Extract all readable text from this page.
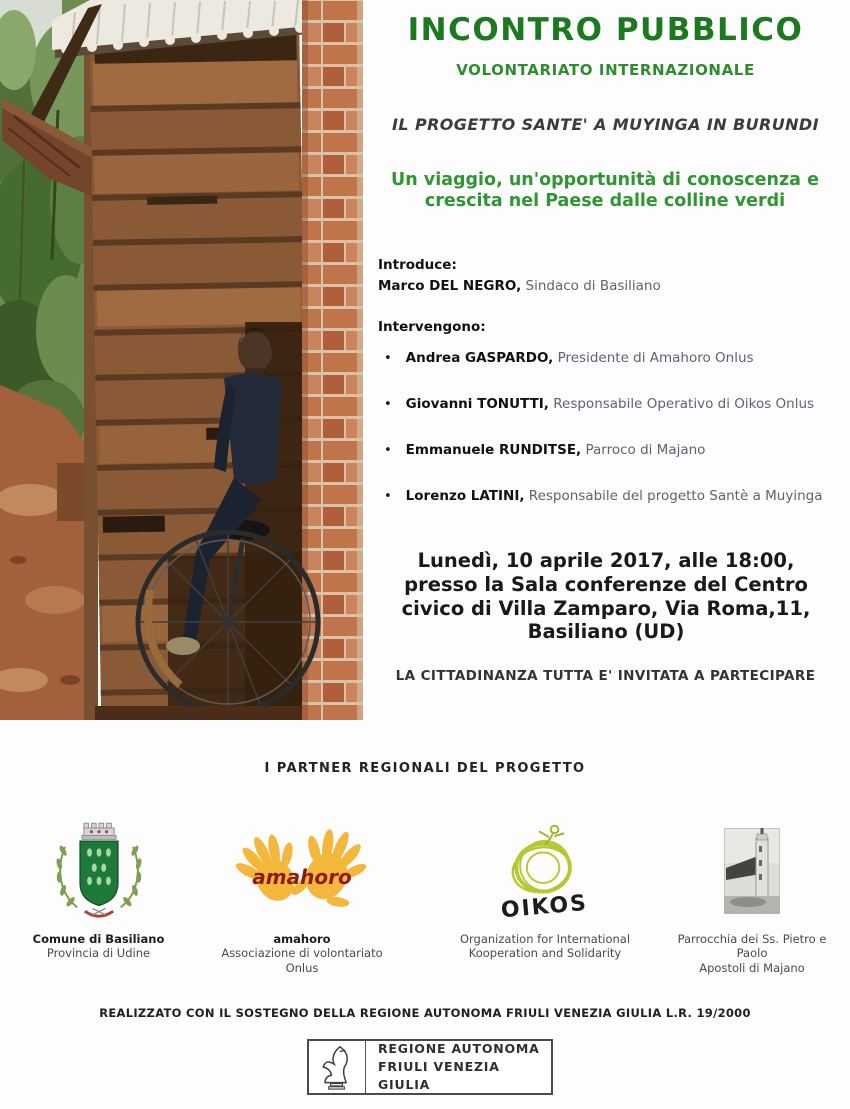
INCONTRO PUBBLICO
VOLONTARIATO INTERNAZIONALE
IL PROGETTO SANTE' A MUYINGA IN BURUNDI
Un viaggio, un'opportunità di conoscenza e crescita nel Paese dalle colline verdi
Introduce:
Marco DEL NEGRO, Sindaco di Basiliano
Intervengono:
• Andrea GASPARDO, Presidente di Amahoro Onlus
• Giovanni TONUTTI, Responsabile Operativo di Oikos Onlus
• Emmanuele RUNDITSE, Parroco di Majano
• Lorenzo LATINI, Responsabile del progetto Santè a Muyinga
Lunedì, 10 aprile 2017, alle 18:00, presso la Sala conferenze del Centro civico di Villa Zamparo, Via Roma,11, Basiliano (UD)
LA CITTADINANZA TUTTA E' INVITATA A PARTECIPARE
I PARTNER REGIONALI DEL PROGETTO
Comune di Basiliano
Provincia di Udine
amahoro
amahoro
Associazione di volontariato Onlus
OIKOS
Organization for International
Kooperation and Solidarity
Parrocchia dei Ss. Pietro e Paolo
Apostoli di Majano
REALIZZATO CON IL SOSTEGNO DELLA REGIONE AUTONOMA FRIULI VENEZIA GIULIA L.R. 19/2000
REGIONE AUTONOMA
FRIULI VENEZIA GIULIA
